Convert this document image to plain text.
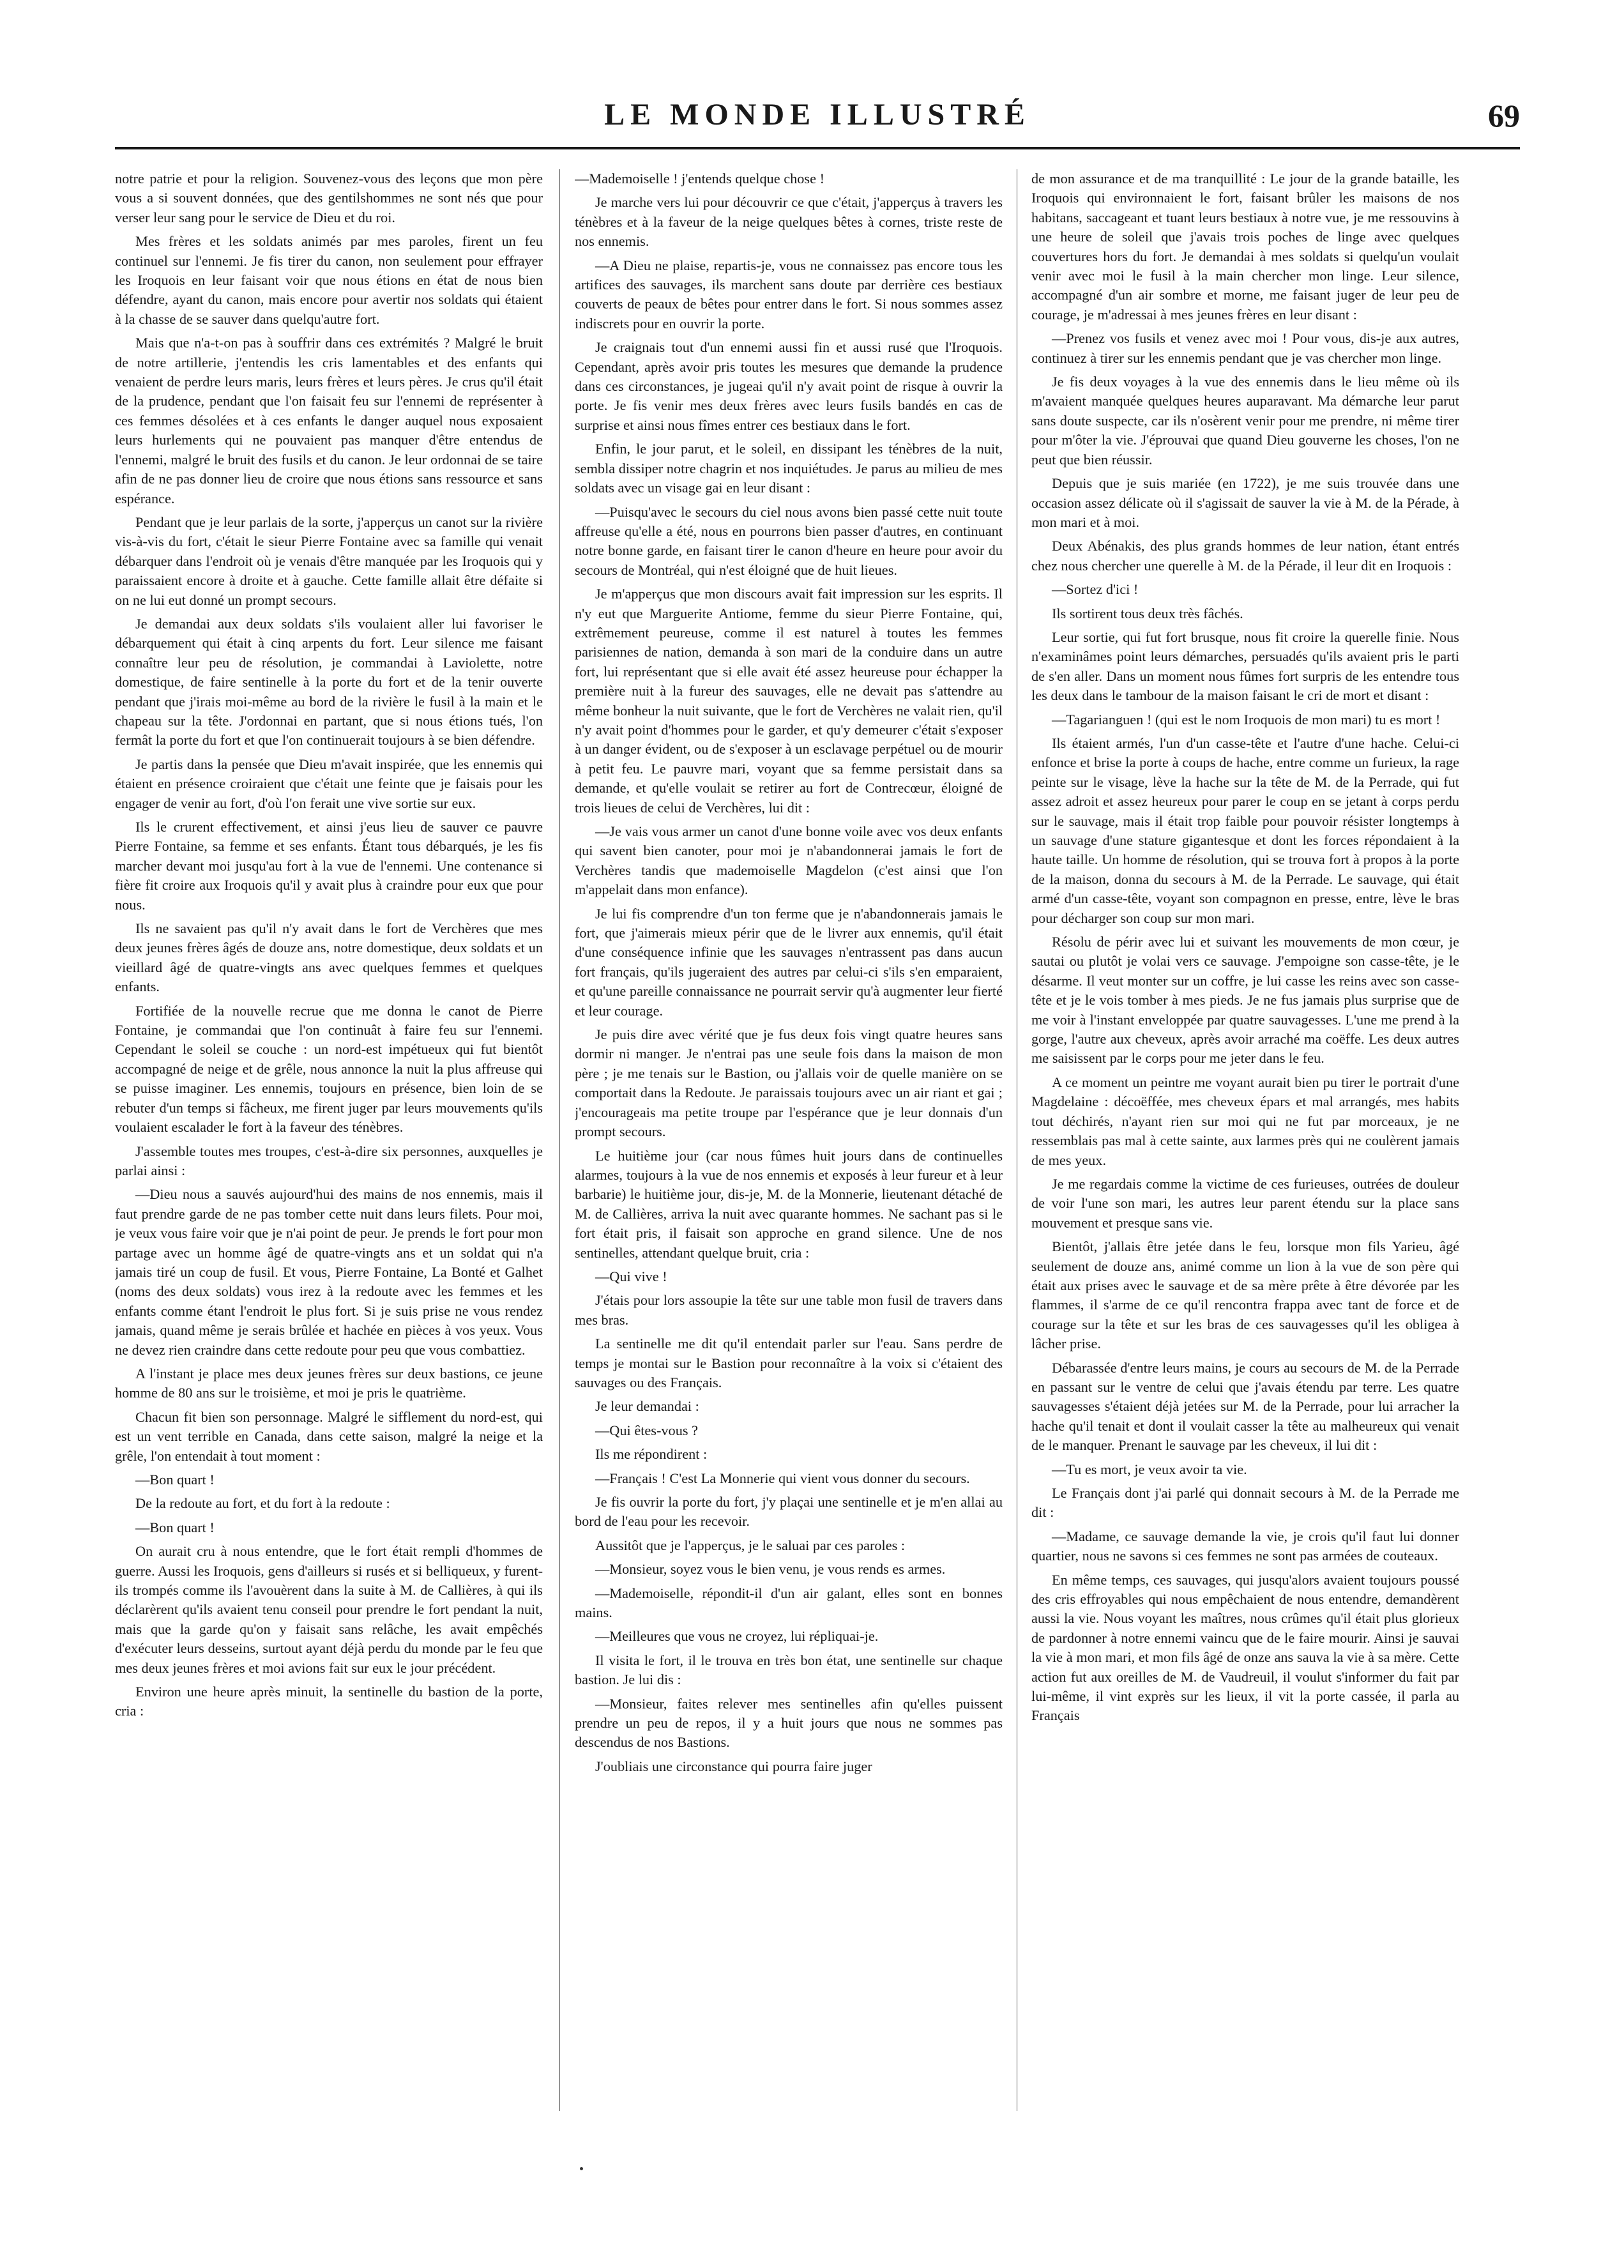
LE MONDE ILLUSTRÉ	69

notre patrie et pour la religion. Souvenez-vous des leçons que mon père vous a si souvent données, que des gentilshommes ne sont nés que pour verser leur sang pour le service de Dieu et du roi.

Mes frères et les soldats animés par mes paroles, firent un feu continuel sur l'ennemi. Je fis tirer du canon, non seulement pour effrayer les Iroquois en leur faisant voir que nous étions en état de nous bien défendre, ayant du canon, mais encore pour avertir nos soldats qui étaient à la chasse de se sauver dans quelqu'autre fort.

Mais que n'a-t-on pas à souffrir dans ces extrémités ? Malgré le bruit de notre artillerie, j'entendis les cris lamentables et des enfants qui venaient de perdre leurs maris, leurs frères et leurs pères. Je crus qu'il était de la prudence, pendant que l'on faisait feu sur l'ennemi de représenter à ces femmes désolées et à ces enfants le danger auquel nous exposaient leurs hurlements qui ne pouvaient pas manquer d'être entendus de l'ennemi, malgré le bruit des fusils et du canon. Je leur ordonnai de se taire afin de ne pas donner lieu de croire que nous étions sans ressource et sans espérance.

Pendant que je leur parlais de la sorte, j'apperçus un canot sur la rivière vis-à-vis du fort, c'était le sieur Pierre Fontaine avec sa famille qui venait débarquer dans l'endroit où je venais d'être manquée par les Iroquois qui y paraissaient encore à droite et à gauche. Cette famille allait être défaite si on ne lui eut donné un prompt secours.

Je demandai aux deux soldats s'ils voulaient aller lui favoriser le débarquement qui était à cinq arpents du fort. Leur silence me faisant connaître leur peu de résolution, je commandai à Laviolette, notre domestique, de faire sentinelle à la porte du fort et de la tenir ouverte pendant que j'irais moi-même au bord de la rivière le fusil à la main et le chapeau sur la tête. J'ordonnai en partant, que si nous étions tués, l'on fermât la porte du fort et que l'on continuerait toujours à se bien défendre.

Je partis dans la pensée que Dieu m'avait inspirée, que les ennemis qui étaient en présence croiraient que c'était une feinte que je faisais pour les engager de venir au fort, d'où l'on ferait une vive sortie sur eux.

Ils le crurent effectivement, et ainsi j'eus lieu de sauver ce pauvre Pierre Fontaine, sa femme et ses enfants. Étant tous débarqués, je les fis marcher devant moi jusqu'au fort à la vue de l'ennemi. Une contenance si fière fit croire aux Iroquois qu'il y avait plus à craindre pour eux que pour nous.

Ils ne savaient pas qu'il n'y avait dans le fort de Verchères que mes deux jeunes frères âgés de douze ans, notre domestique, deux soldats et un vieillard âgé de quatre-vingts ans avec quelques femmes et quelques enfants.

Fortifiée de la nouvelle recrue que me donna le canot de Pierre Fontaine, je commandai que l'on continuât à faire feu sur l'ennemi. Cependant le soleil se couche : un nord-est impétueux qui fut bientôt accompagné de neige et de grêle, nous annonce la nuit la plus affreuse qui se puisse imaginer. Les ennemis, toujours en présence, bien loin de se rebuter d'un temps si fâcheux, me firent juger par leurs mouvements qu'ils voulaient escalader le fort à la faveur des ténèbres.

J'assemble toutes mes troupes, c'est-à-dire six personnes, auxquelles je parlai ainsi :

—Dieu nous a sauvés aujourd'hui des mains de nos ennemis, mais il faut prendre garde de ne pas tomber cette nuit dans leurs filets. Pour moi, je veux vous faire voir que je n'ai point de peur. Je prends le fort pour mon partage avec un homme âgé de quatre-vingts ans et un soldat qui n'a jamais tiré un coup de fusil. Et vous, Pierre Fontaine, La Bonté et Galhet (noms des deux soldats) vous irez à la redoute avec les femmes et les enfants comme étant l'endroit le plus fort. Si je suis prise ne vous rendez jamais, quand même je serais brûlée et hachée en pièces à vos yeux. Vous ne devez rien craindre dans cette redoute pour peu que vous combattiez.

A l'instant je place mes deux jeunes frères sur deux bastions, ce jeune homme de 80 ans sur le troisième, et moi je pris le quatrième.

Chacun fit bien son personnage. Malgré le sifflement du nord-est, qui est un vent terrible en Canada, dans cette saison, malgré la neige et la grêle, l'on entendait à tout moment :

—Bon quart !

De la redoute au fort, et du fort à la redoute :

—Bon quart !

On aurait cru à nous entendre, que le fort était rempli d'hommes de guerre. Aussi les Iroquois, gens d'ailleurs si rusés et si belliqueux, y furent-ils trompés comme ils l'avouèrent dans la suite à M. de Callières, à qui ils déclarèrent qu'ils avaient tenu conseil pour prendre le fort pendant la nuit, mais que la garde qu'on y faisait sans relâche, les avait empêchés d'exécuter leurs desseins, surtout ayant déjà perdu du monde par le feu que mes deux jeunes frères et moi avions fait sur eux le jour précédent.

Environ une heure après minuit, la sentinelle du bastion de la porte, cria :

—Mademoiselle ! j'entends quelque chose !

Je marche vers lui pour découvrir ce que c'était, j'apperçus à travers les ténèbres et à la faveur de la neige quelques bêtes à cornes, triste reste de nos ennemis.

—A Dieu ne plaise, repartis-je, vous ne connaissez pas encore tous les artifices des sauvages, ils marchent sans doute par derrière ces bestiaux couverts de peaux de bêtes pour entrer dans le fort. Si nous sommes assez indiscrets pour en ouvrir la porte.

Je craignais tout d'un ennemi aussi fin et aussi rusé que l'Iroquois. Cependant, après avoir pris toutes les mesures que demande la prudence dans ces circonstances, je jugeai qu'il n'y avait point de risque à ouvrir la porte. Je fis venir mes deux frères avec leurs fusils bandés en cas de surprise et ainsi nous fîmes entrer ces bestiaux dans le fort.

Enfin, le jour parut, et le soleil, en dissipant les ténèbres de la nuit, sembla dissiper notre chagrin et nos inquiétudes. Je parus au milieu de mes soldats avec un visage gai en leur disant :

—Puisqu'avec le secours du ciel nous avons bien passé cette nuit toute affreuse qu'elle a été, nous en pourrons bien passer d'autres, en continuant notre bonne garde, en faisant tirer le canon d'heure en heure pour avoir du secours de Montréal, qui n'est éloigné que de huit lieues.

Je m'apperçus que mon discours avait fait impression sur les esprits. Il n'y eut que Marguerite Antiome, femme du sieur Pierre Fontaine, qui, extrêmement peureuse, comme il est naturel à toutes les femmes parisiennes de nation, demanda à son mari de la conduire dans un autre fort, lui représentant que si elle avait été assez heureuse pour échapper la première nuit à la fureur des sauvages, elle ne devait pas s'attendre au même bonheur la nuit suivante, que le fort de Verchères ne valait rien, qu'il n'y avait point d'hommes pour le garder, et qu'y demeurer c'était s'exposer à un danger évident, ou de s'exposer à un esclavage perpétuel ou de mourir à petit feu. Le pauvre mari, voyant que sa femme persistait dans sa demande, et qu'elle voulait se retirer au fort de Contrecœur, éloigné de trois lieues de celui de Verchères, lui dit :

—Je vais vous armer un canot d'une bonne voile avec vos deux enfants qui savent bien canoter, pour moi je n'abandonnerai jamais le fort de Verchères tandis que mademoiselle Magdelon (c'est ainsi que l'on m'appelait dans mon enfance).

Je lui fis comprendre d'un ton ferme que je n'abandonnerais jamais le fort, que j'aimerais mieux périr que de le livrer aux ennemis, qu'il était d'une conséquence infinie que les sauvages n'entrassent pas dans aucun fort français, qu'ils jugeraient des autres par celui-ci s'ils s'en emparaient, et qu'une pareille connaissance ne pourrait servir qu'à augmenter leur fierté et leur courage.

Je puis dire avec vérité que je fus deux fois vingt quatre heures sans dormir ni manger. Je n'entrai pas une seule fois dans la maison de mon père ; je me tenais sur le Bastion, ou j'allais voir de quelle manière on se comportait dans la Redoute. Je paraissais toujours avec un air riant et gai ; j'encourageais ma petite troupe par l'espérance que je leur donnais d'un prompt secours.

Le huitième jour (car nous fûmes huit jours dans de continuelles alarmes, toujours à la vue de nos ennemis et exposés à leur fureur et à leur barbarie) le huitième jour, dis-je, M. de la Monnerie, lieutenant détaché de M. de Callières, arriva la nuit avec quarante hommes. Ne sachant pas si le fort était pris, il faisait son approche en grand silence. Une de nos sentinelles, attendant quelque bruit, cria :

—Qui vive !

J'étais pour lors assoupie la tête sur une table mon fusil de travers dans mes bras.

La sentinelle me dit qu'il entendait parler sur l'eau. Sans perdre de temps je montai sur le Bastion pour reconnaître à la voix si c'étaient des sauvages ou des Français.

Je leur demandai :

—Qui êtes-vous ?

Ils me répondirent :

—Français ! C'est La Monnerie qui vient vous donner du secours.

Je fis ouvrir la porte du fort, j'y plaçai une sentinelle et je m'en allai au bord de l'eau pour les recevoir.

Aussitôt que je l'apperçus, je le saluai par ces paroles :

—Monsieur, soyez vous le bien venu, je vous rends es armes.

—Mademoiselle, répondit-il d'un air galant, elles sont en bonnes mains.

—Meilleures que vous ne croyez, lui répliquai-je.

Il visita le fort, il le trouva en très bon état, une sentinelle sur chaque bastion. Je lui dis :

—Monsieur, faites relever mes sentinelles afin qu'elles puissent prendre un peu de repos, il y a huit jours que nous ne sommes pas descendus de nos Bastions.

J'oubliais une circonstance qui pourra faire juger

de mon assurance et de ma tranquillité : Le jour de la grande bataille, les Iroquois qui environnaient le fort, faisant brûler les maisons de nos habitans, saccageant et tuant leurs bestiaux à notre vue, je me ressouvins à une heure de soleil que j'avais trois poches de linge avec quelques couvertures hors du fort. Je demandai à mes soldats si quelqu'un voulait venir avec moi le fusil à la main chercher mon linge. Leur silence, accompagné d'un air sombre et morne, me faisant juger de leur peu de courage, je m'adressai à mes jeunes frères en leur disant :

—Prenez vos fusils et venez avec moi ! Pour vous, dis-je aux autres, continuez à tirer sur les ennemis pendant que je vas chercher mon linge.

Je fis deux voyages à la vue des ennemis dans le lieu même où ils m'avaient manquée quelques heures auparavant. Ma démarche leur parut sans doute suspecte, car ils n'osèrent venir pour me prendre, ni même tirer pour m'ôter la vie. J'éprouvai que quand Dieu gouverne les choses, l'on ne peut que bien réussir.

Depuis que je suis mariée (en 1722), je me suis trouvée dans une occasion assez délicate où il s'agissait de sauver la vie à M. de la Pérade, à mon mari et à moi.

Deux Abénakis, des plus grands hommes de leur nation, étant entrés chez nous chercher une querelle à M. de la Pérade, il leur dit en Iroquois :

—Sortez d'ici !

Ils sortirent tous deux très fâchés.

Leur sortie, qui fut fort brusque, nous fit croire la querelle finie. Nous n'examinâmes point leurs démarches, persuadés qu'ils avaient pris le parti de s'en aller. Dans un moment nous fûmes fort surpris de les entendre tous les deux dans le tambour de la maison faisant le cri de mort et disant :

—Tagarianguen ! (qui est le nom Iroquois de mon mari) tu es mort !

Ils étaient armés, l'un d'un casse-tête et l'autre d'une hache. Celui-ci enfonce et brise la porte à coups de hache, entre comme un furieux, la rage peinte sur le visage, lève la hache sur la tête de M. de la Perrade, qui fut assez adroit et assez heureux pour parer le coup en se jetant à corps perdu sur le sauvage, mais il était trop faible pour pouvoir résister longtemps à un sauvage d'une stature gigantesque et dont les forces répondaient à la haute taille. Un homme de résolution, qui se trouva fort à propos à la porte de la maison, donna du secours à M. de la Perrade. Le sauvage, qui était armé d'un casse-tête, voyant son compagnon en presse, entre, lève le bras pour décharger son coup sur mon mari.

Résolu de périr avec lui et suivant les mouvements de mon cœur, je sautai ou plutôt je volai vers ce sauvage. J'empoigne son casse-tête, je le désarme. Il veut monter sur un coffre, je lui casse les reins avec son casse-tête et je le vois tomber à mes pieds. Je ne fus jamais plus surprise que de me voir à l'instant enveloppée par quatre sauvagesses. L'une me prend à la gorge, l'autre aux cheveux, après avoir arraché ma coëffe. Les deux autres me saisissent par le corps pour me jeter dans le feu.

A ce moment un peintre me voyant aurait bien pu tirer le portrait d'une Magdelaine : décoëffée, mes cheveux épars et mal arrangés, mes habits tout déchirés, n'ayant rien sur moi qui ne fut par morceaux, je ne ressemblais pas mal à cette sainte, aux larmes près qui ne coulèrent jamais de mes yeux.

Je me regardais comme la victime de ces furieuses, outrées de douleur de voir l'une son mari, les autres leur parent étendu sur la place sans mouvement et presque sans vie.

Bientôt, j'allais être jetée dans le feu, lorsque mon fils Yarieu, âgé seulement de douze ans, animé comme un lion à la vue de son père qui était aux prises avec le sauvage et de sa mère prête à être dévorée par les flammes, il s'arme de ce qu'il rencontra frappa avec tant de force et de courage sur la tête et sur les bras de ces sauvagesses qu'il les obligea à lâcher prise.

Débarassée d'entre leurs mains, je cours au secours de M. de la Perrade en passant sur le ventre de celui que j'avais étendu par terre. Les quatre sauvagesses s'étaient déjà jetées sur M. de la Perrade, pour lui arracher la hache qu'il tenait et dont il voulait casser la tête au malheureux qui venait de le manquer. Prenant le sauvage par les cheveux, il lui dit :

—Tu es mort, je veux avoir ta vie.

Le Français dont j'ai parlé qui donnait secours à M. de la Perrade me dit :

—Madame, ce sauvage demande la vie, je crois qu'il faut lui donner quartier, nous ne savons si ces femmes ne sont pas armées de couteaux.

En même temps, ces sauvages, qui jusqu'alors avaient toujours poussé des cris effroyables qui nous empêchaient de nous entendre, demandèrent aussi la vie. Nous voyant les maîtres, nous crûmes qu'il était plus glorieux de pardonner à notre ennemi vaincu que de le faire mourir. Ainsi je sauvai la vie à mon mari, et mon fils âgé de onze ans sauva la vie à sa mère. Cette action fut aux oreilles de M. de Vaudreuil, il voulut s'informer du fait par lui-même, il vint exprès sur les lieux, il vit la porte cassée, il parla au Français
